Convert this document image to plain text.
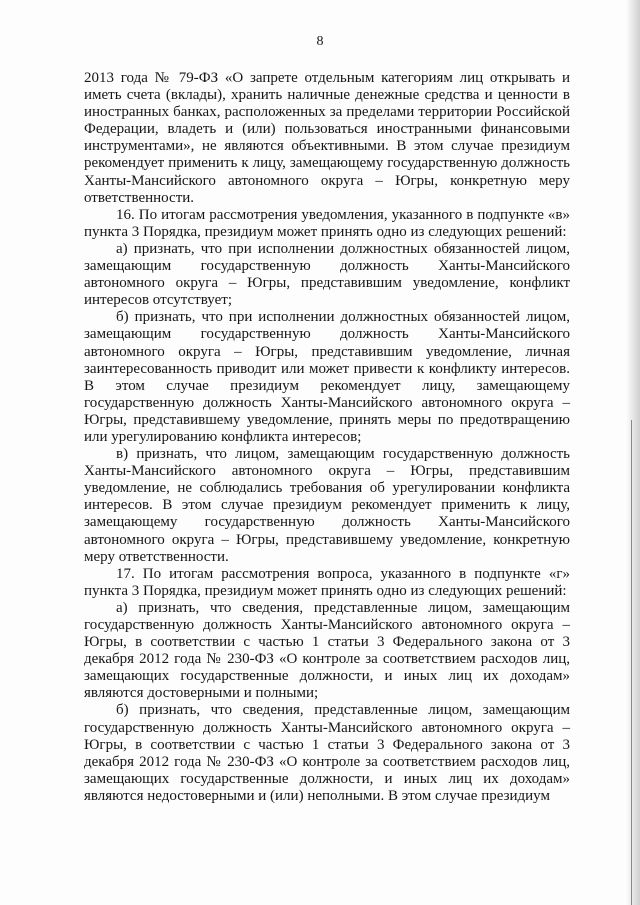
8

2013 года № 79-ФЗ «О запрете отдельным категориям лиц открывать и иметь счета (вклады), хранить наличные денежные средства и ценности в иностранных банках, расположенных за пределами территории Российской Федерации, владеть и (или) пользоваться иностранными финансовыми инструментами», не являются объективными. В этом случае президиум рекомендует применить к лицу, замещающему государственную должность Ханты-Мансийского автономного округа – Югры, конкретную меру ответственности.

16. По итогам рассмотрения уведомления, указанного в подпункте «в» пункта 3 Порядка, президиум может принять одно из следующих решений:

а) признать, что при исполнении должностных обязанностей лицом, замещающим государственную должность Ханты-Мансийского автономного округа – Югры, представившим уведомление, конфликт интересов отсутствует;

б) признать, что при исполнении должностных обязанностей лицом, замещающим государственную должность Ханты-Мансийского автономного округа – Югры, представившим уведомление, личная заинтересованность приводит или может привести к конфликту интересов. В этом случае президиум рекомендует лицу, замещающему государственную должность Ханты-Мансийского автономного округа – Югры, представившему уведомление, принять меры по предотвращению или урегулированию конфликта интересов;

в) признать, что лицом, замещающим государственную должность Ханты-Мансийского автономного округа – Югры, представившим уведомление, не соблюдались требования об урегулировании конфликта интересов. В этом случае президиум рекомендует применить к лицу, замещающему государственную должность Ханты-Мансийского автономного округа – Югры, представившему уведомление, конкретную меру ответственности.

17. По итогам рассмотрения вопроса, указанного в подпункте «г» пункта 3 Порядка, президиум может принять одно из следующих решений:

а) признать, что сведения, представленные лицом, замещающим государственную должность Ханты-Мансийского автономного округа – Югры, в соответствии с частью 1 статьи 3 Федерального закона от 3 декабря 2012 года № 230-ФЗ «О контроле за соответствием расходов лиц, замещающих государственные должности, и иных лиц их доходам» являются достоверными и полными;

б) признать, что сведения, представленные лицом, замещающим государственную должность Ханты-Мансийского автономного округа – Югры, в соответствии с частью 1 статьи 3 Федерального закона от 3 декабря 2012 года № 230-ФЗ «О контроле за соответствием расходов лиц, замещающих государственные должности, и иных лиц их доходам» являются недостоверными и (или) неполными. В этом случае президиум
